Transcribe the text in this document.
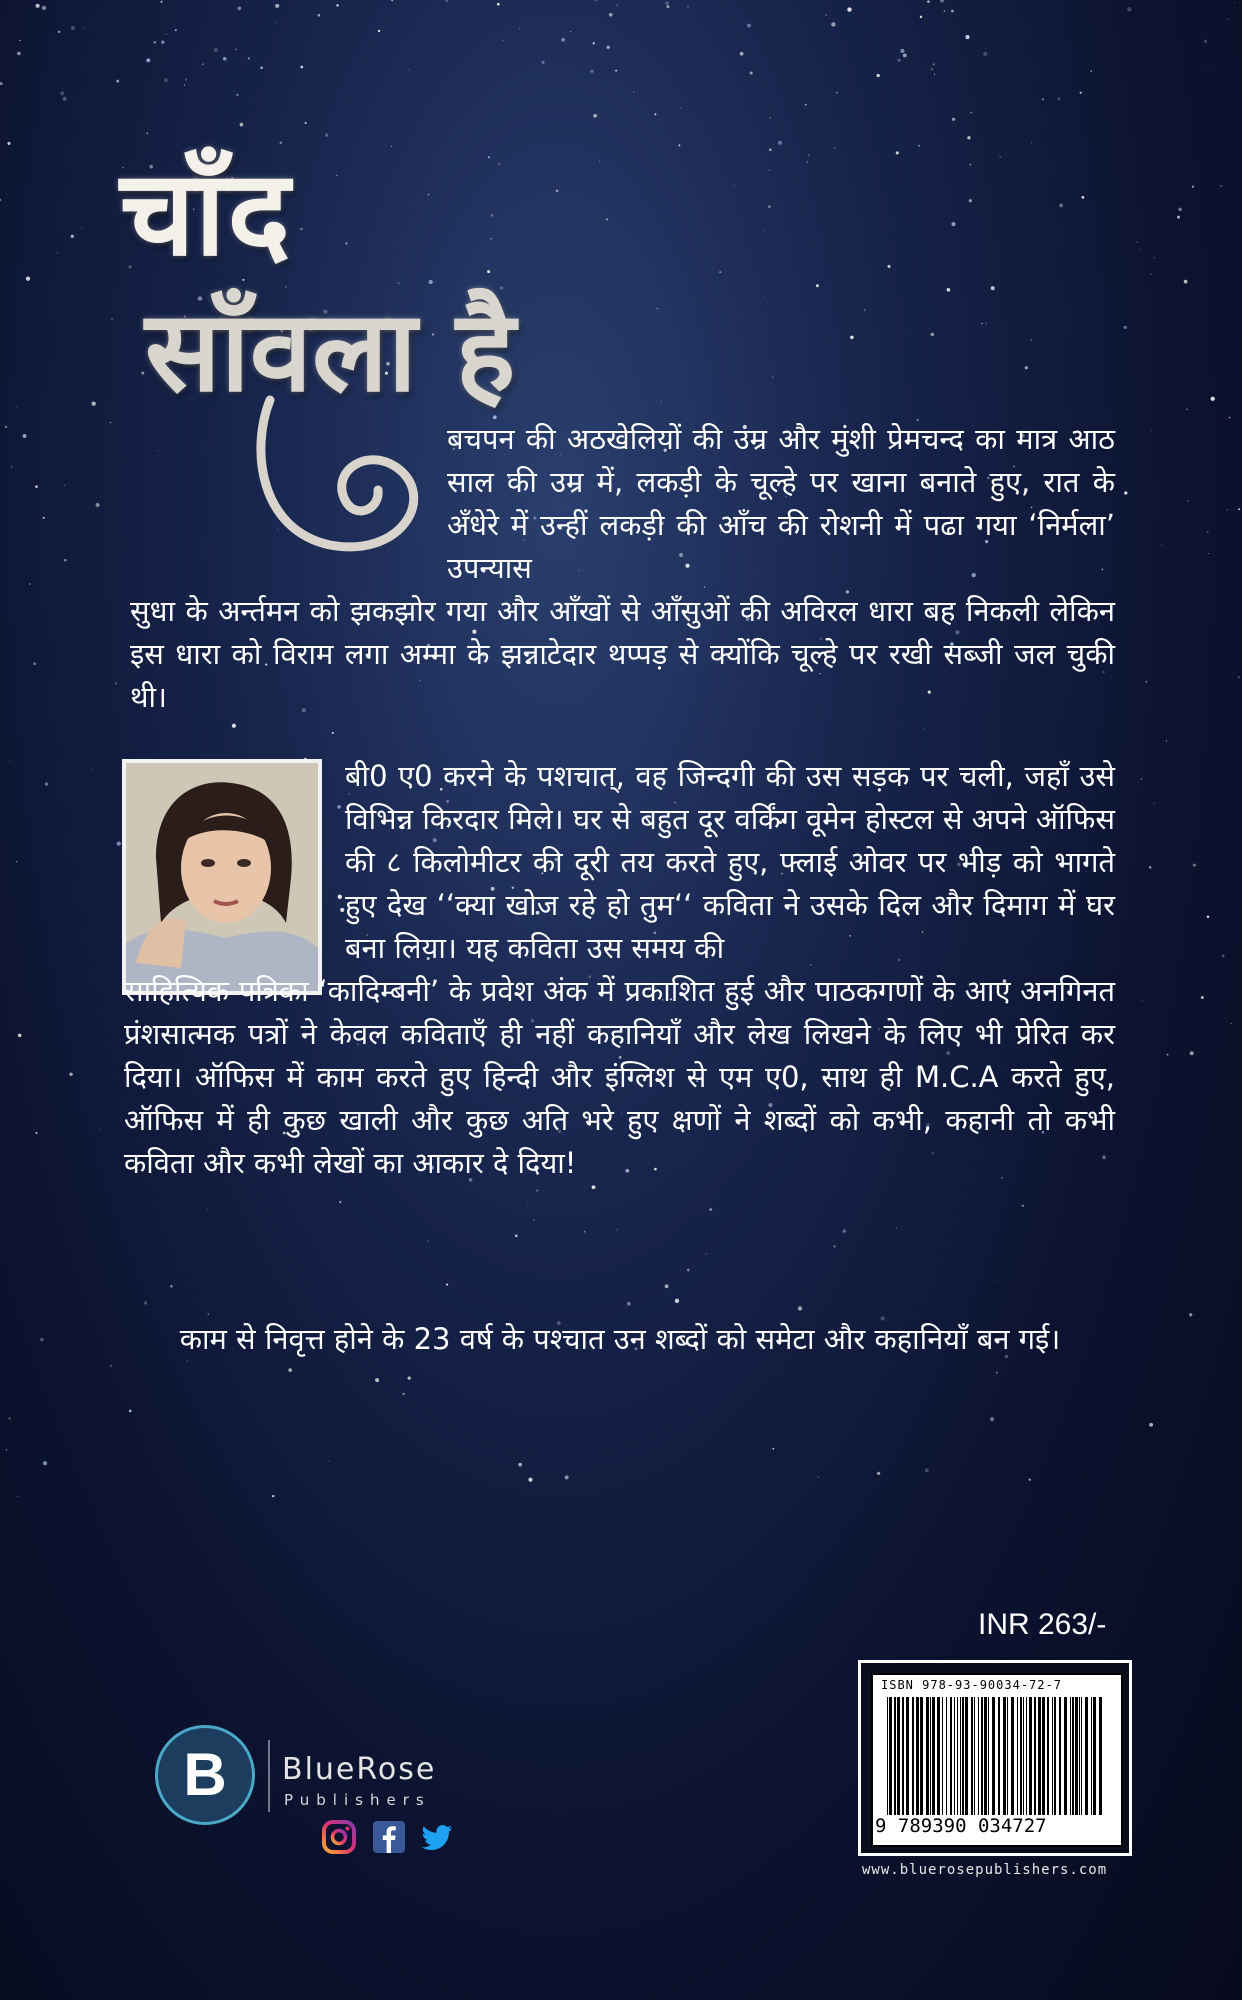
चाँद
साँवला है

बचपन की अठखेलियों की उम्र और मुंशी प्रेमचन्द का मात्र आठ साल की उम्र में, लकड़ी के चूल्हे पर खाना बनाते हुए, रात के अँधेरे में उन्हीं लकड़ी की आँच की रोशनी में पढा गया ‘निर्मला’ उपन्यास

सुधा के अर्न्तमन को झकझोर गया और आँखों से आँसुओं की अविरल धारा बह निकली लेकिन इस धारा को विराम लगा अम्मा के झन्नाटेदार थप्पड़ से क्योंकि चूल्हे पर रखी सब्जी जल चुकी थी।

बी0 ए0 करने के पशचात्, वह जिन्दगी की उस सड़क पर चली, जहाँ उसे विभिन्न किरदार मिले। घर से बहुत दूर वर्किंग वूमेन होस्टल से अपने ऑफिस की ८ किलोमीटर की दूरी तय करते हुए, फ्लाई ओवर पर भीड़ को भागते हुए देख ‘‘क्या खोज रहे हो तुम‘‘ कविता ने उसके दिल और दिमाग में घर बना लिया। यह कविता उस समय की

साहित्यिक पत्रिका ‘कादिम्बनी’ के प्रवेश अंक में प्रकाशित हुई और पाठकगणों के आए अनगिनत प्रंशसात्मक पत्रों ने केवल कविताएँ ही नहीं कहानियाँ और लेख लिखने के लिए भी प्रेरित कर दिया। ऑफिस में काम करते हुए हिन्दी और इंग्लिश से एम ए0, साथ ही M.C.A करते हुए, ऑफिस में ही कुछ खाली और कुछ अति भरे हुए क्षणों ने शब्दों को कभी, कहानी तो कभी कविता और कभी लेखों का आकार दे दिया!

काम से निवृत्त होने के 23 वर्ष के पश्चात उन शब्दों को समेटा और कहानियाँ बन गई।

INR 263/-
ISBN 978-93-90034-72-7
9 789390 034727
www.bluerosepublishers.com
B	BlueRose
Publishers
